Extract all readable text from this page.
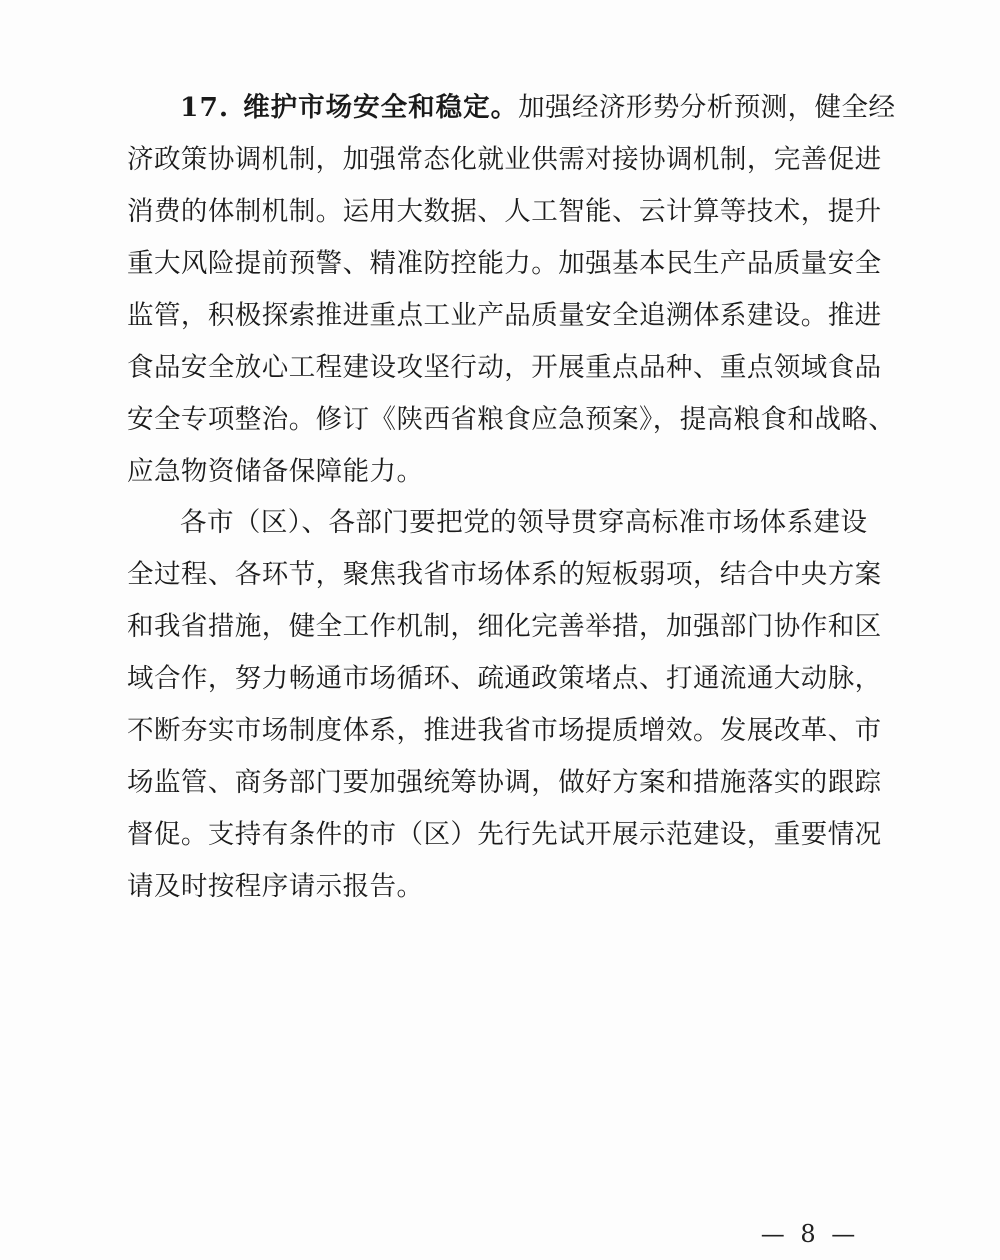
17. 维护市场安全和稳定。加强经济形势分析预测，健全经
济政策协调机制，加强常态化就业供需对接协调机制，完善促进
消费的体制机制。运用大数据、人工智能、云计算等技术，提升
重大风险提前预警、精准防控能力。加强基本民生产品质量安全
监管，积极探索推进重点工业产品质量安全追溯体系建设。推进
食品安全放心工程建设攻坚行动，开展重点品种、重点领域食品
安全专项整治。修订《陕西省粮食应急预案》，提高粮食和战略、
应急物资储备保障能力。
各市（区）、各部门要把党的领导贯穿高标准市场体系建设
全过程、各环节，聚焦我省市场体系的短板弱项，结合中央方案
和我省措施，健全工作机制，细化完善举措，加强部门协作和区
域合作，努力畅通市场循环、疏通政策堵点、打通流通大动脉，
不断夯实市场制度体系，推进我省市场提质增效。发展改革、市
场监管、商务部门要加强统筹协调，做好方案和措施落实的跟踪
督促。支持有条件的市（区）先行先试开展示范建设，重要情况
请及时按程序请示报告。
— 8 —
